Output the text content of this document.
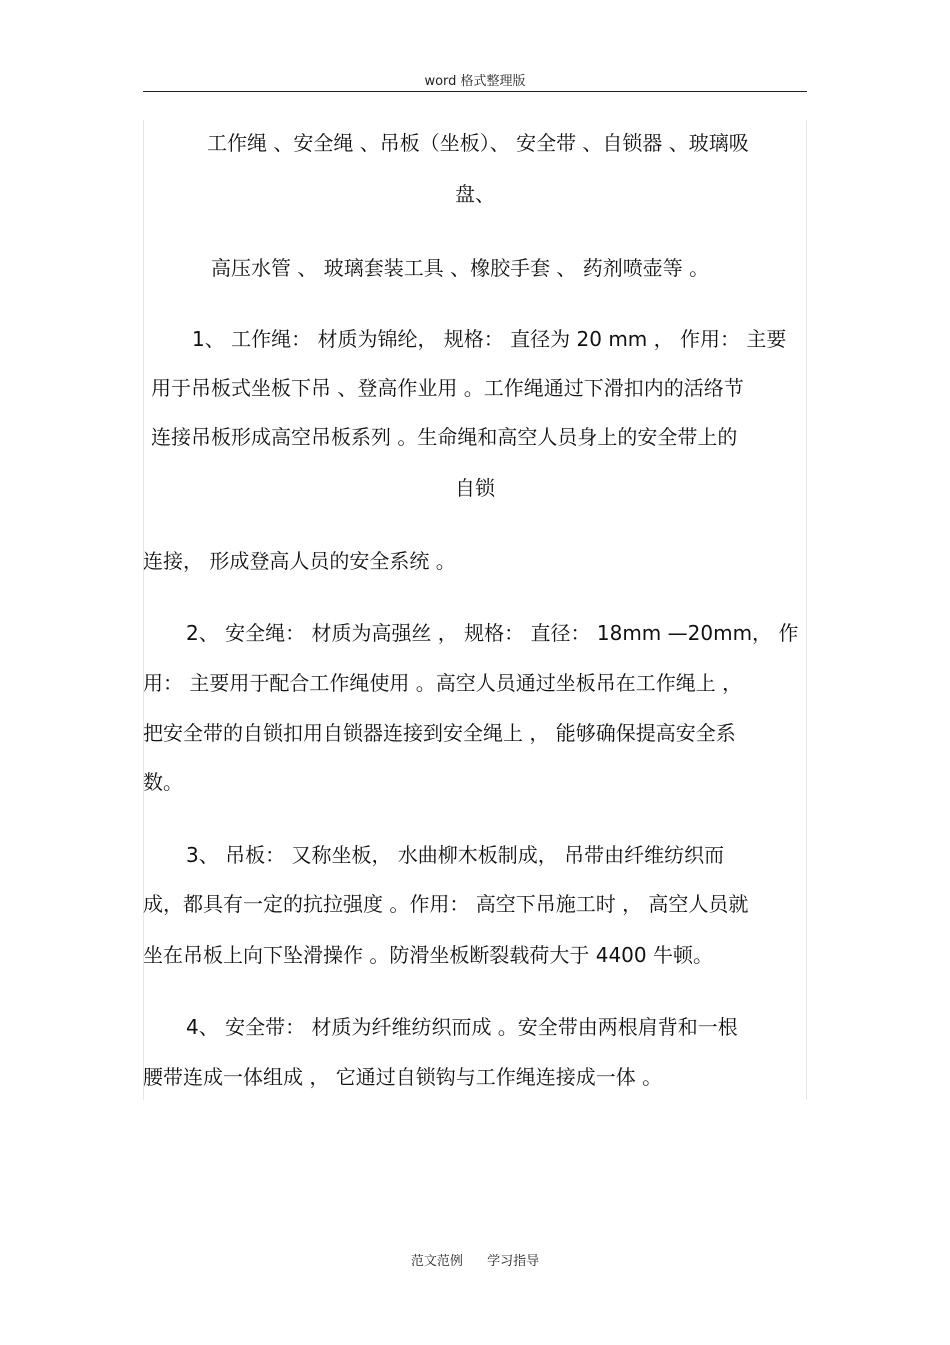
word 格式整理版
工作绳 、安全绳 、吊板（坐板）、 安全带 、自锁器 、玻璃吸
盘、
高压水管 、 玻璃套装工具 、橡胶手套 、 药剂喷壶等 。
1、 工作绳： 材质为锦纶， 规格： 直径为 20 mm ， 作用： 主要
用于吊板式坐板下吊 、登高作业用 。工作绳通过下滑扣内的活络节
连接吊板形成高空吊板系列 。生命绳和高空人员身上的安全带上的
自锁
连接， 形成登高人员的安全系统 。
2、 安全绳： 材质为高强丝 ， 规格： 直径： 18mm —20mm， 作
用： 主要用于配合工作绳使用 。高空人员通过坐板吊在工作绳上 ，
把安全带的自锁扣用自锁器连接到安全绳上 ， 能够确保提高安全系
数。
3、 吊板： 又称坐板， 水曲柳木板制成， 吊带由纤维纺织而
成，都具有一定的抗拉强度 。作用： 高空下吊施工时 ， 高空人员就
坐在吊板上向下坠滑操作 。防滑坐板断裂载荷大于 4400 牛顿。
4、 安全带： 材质为纤维纺织而成 。安全带由两根肩背和一根
腰带连成一体组成 ， 它通过自锁钩与工作绳连接成一体 。
范文范例 学习指导
